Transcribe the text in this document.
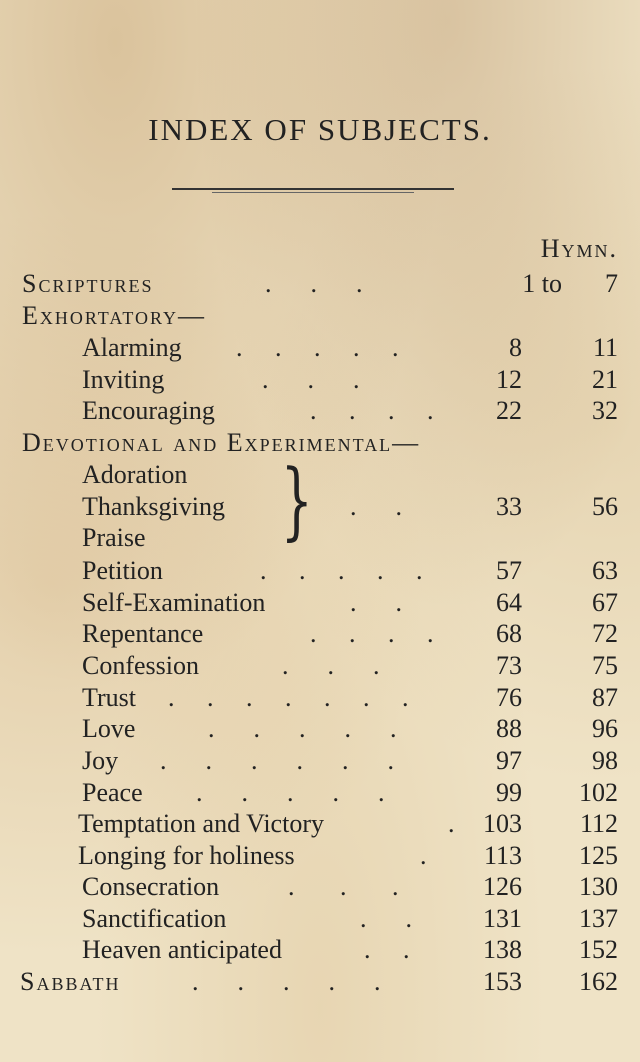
INDEX OF SUBJECTS.
Hymn.
Scriptures	.      .      .	1 to 7
Exhortatory—
Alarming .     .     .     .     .	8	11
Inviting	.      .      .	12	21
Encouraging	.     .     .     . 22	32
Devotional and Experimental—
Adoration
Thanksgiving	.      .	33	56
Praise }
Petition	.     .     .     .     .	57	63
Self-Examination	.      .	64	67
Repentance	.     .     .     . 68	72
Confession	.      .      .	73	75
Trust .     .     .     .     .     .     .	76	87
Love	.      .      .      .      .	88	96
Joy .      .      .      .      .      .	97	98
Peace .      .      .      .      .	99 102
Temptation and Victory	. 103 112
Longing for holiness	. 113 125
Consecration	.       .       .	126 130
Sanctification	.      .	131 137
Heaven anticipated	.     .	138 152
Sabbath	.      .      .      .      .	153 162
